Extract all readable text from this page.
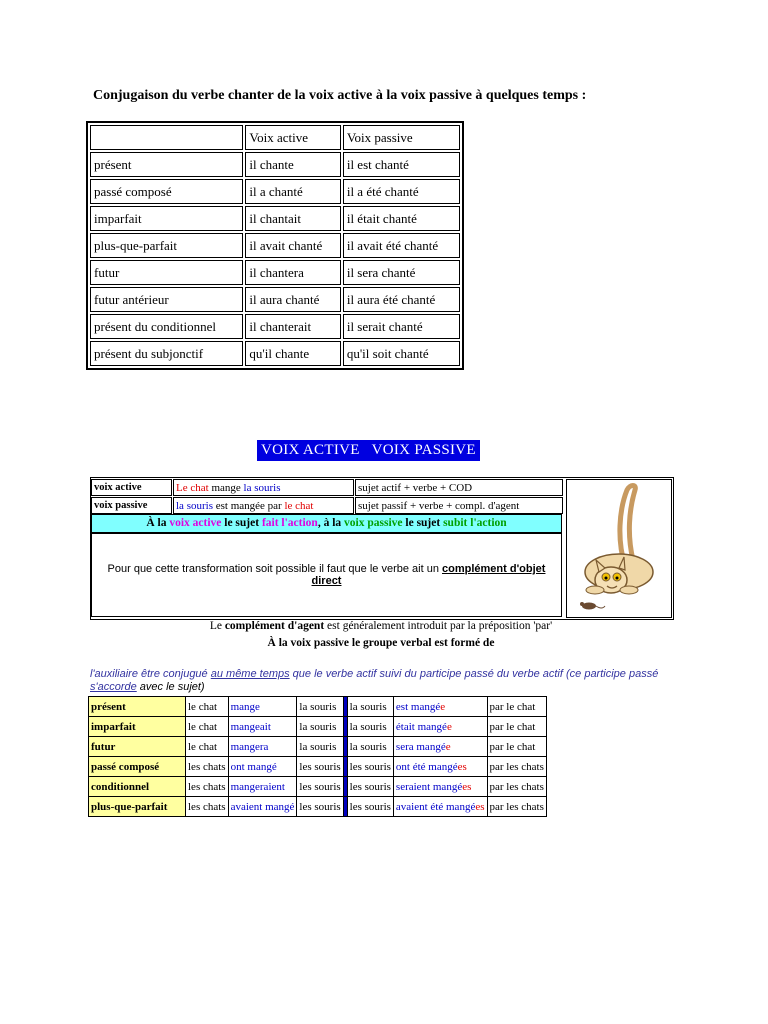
Conjugaison du verbe chanter de la voix active à la voix passive à quelques temps :
	Voix active	Voix passive
présent	il chante	il est chanté
passé composé	il a chanté	il a été chanté
imparfait	il chantait	il était chanté
plus-que-parfait	il avait chanté	il avait été chanté
futur	il chantera	il sera chanté
futur antérieur	il aura chanté	il aura été chanté
présent du conditionnel	il chanterait	il serait chanté
présent du subjonctif	qu'il chante	qu'il soit chanté
VOIX ACTIVE   VOIX PASSIVE
voix active	Le chat mange la souris	sujet actif + verbe + COD
voix passive	la souris est mangée par le chat	sujet passif + verbe + compl. d'agent
À la voix active le sujet fait l'action, à la voix passive le sujet subit l'action
Pour que cette transformation soit possible il faut que le verbe ait un complément d'objet direct
Le complément d'agent est généralement introduit par la préposition 'par'
À la voix passive le groupe verbal est formé de
l'auxiliaire être conjugué au même temps que le verbe actif suivi du participe passé du verbe actif (ce participe passé s'accorde avec le sujet)
présent	le chat	mange	la souris		la souris	est mangée	par le chat
imparfait	le chat	mangeait	la souris		la souris	était mangée	par le chat
futur	le chat	mangera	la souris		la souris	sera mangée	par le chat
passé composé	les chats	ont mangé	les souris		les souris	ont été mangées	par les chats
conditionnel	les chats	mangeraient	les souris		les souris	seraient mangées	par les chats
plus-que-parfait	les chats	avaient mangé	les souris		les souris	avaient été mangées	par les chats
